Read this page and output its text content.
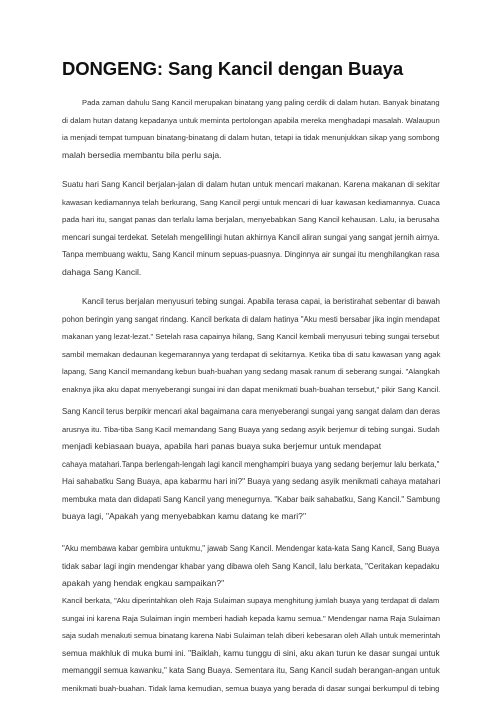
DONGENG: Sang Kancil dengan Buaya
Pada zaman dahulu Sang Kancil merupakan binatang yang paling cerdik di dalam hutan. Banyak binatang
di dalam hutan datang kepadanya untuk meminta pertolongan apabila mereka menghadapi masalah. Walaupun
ia menjadi tempat tumpuan binatang-binatang di dalam hutan, tetapi ia tidak menunjukkan sikap yang sombong
malah bersedia membantu bila perlu saja.
Suatu hari Sang Kancil berjalan-jalan di dalam hutan untuk mencari makanan. Karena makanan di sekitar
kawasan kediamannya telah berkurang, Sang Kancil pergi untuk mencari di luar kawasan kediamannya. Cuaca
pada hari itu, sangat panas dan terlalu lama berjalan, menyebabkan Sang Kancil kehausan. Lalu, ia berusaha
mencari sungai terdekat. Setelah mengelilingi hutan akhirnya Kancil aliran sungai yang sangat jernih airnya.
Tanpa membuang waktu, Sang Kancil minum sepuas-puasnya. Dinginnya air sungai itu menghilangkan rasa
dahaga Sang Kancil.
Kancil terus berjalan menyusuri tebing sungai. Apabila terasa capai, ia beristirahat sebentar di bawah
pohon beringin yang sangat rindang. Kancil berkata di dalam hatinya "Aku mesti bersabar jika ingin mendapat
makanan yang lezat-lezat." Setelah rasa capainya hilang, Sang Kancil kembali menyusuri tebing sungai tersebut
sambil memakan dedaunan kegemarannya yang terdapat di sekitarnya. Ketika tiba di satu kawasan yang agak
lapang, Sang Kancil memandang kebun buah-buahan yang sedang masak ranum di seberang sungai. "Alangkah
enaknya jika aku dapat menyeberangi sungai ini dan dapat menikmati buah-buahan tersebut," pikir Sang Kancil.
Sang Kancil terus berpikir mencari akal bagaimana cara menyeberangi sungai yang sangat dalam dan deras
arusnya itu. Tiba-tiba Sang Kacil memandang Sang Buaya yang sedang asyik berjemur di tebing sungai. Sudah
menjadi kebiasaan buaya, apabila hari panas buaya suka berjemur untuk mendapat
cahaya matahari.Tanpa berlengah-lengah lagi kancil menghampiri buaya yang sedang berjemur lalu berkata,"
Hai sahabatku Sang Buaya, apa kabarmu hari ini?" Buaya yang sedang asyik menikmati cahaya matahari
membuka mata dan didapati Sang Kancil yang menegurnya. "Kabar baik sahabatku, Sang Kancil." Sambung
buaya lagi, "Apakah yang menyebabkan kamu datang ke mari?"
"Aku membawa kabar gembira untukmu," jawab Sang Kancil. Mendengar kata-kata Sang Kancil, Sang Buaya
tidak sabar lagi ingin mendengar khabar yang dibawa oleh Sang Kancil, lalu berkata, "Ceritakan kepadaku
apakah yang hendak engkau sampaikan?"
Kancil berkata, "Aku diperintahkan oleh Raja Sulaiman supaya menghitung jumlah buaya yang terdapat di dalam
sungai ini karena Raja Sulaiman ingin memberi hadiah kepada kamu semua." Mendengar nama Raja Sulaiman
saja sudah menakuti semua binatang karena Nabi Sulaiman telah diberi kebesaran oleh Allah untuk memerintah
semua makhluk di muka bumi ini. "Baiklah, kamu tunggu di sini, aku akan turun ke dasar sungai untuk
memanggil semua kawanku," kata Sang Buaya. Sementara itu, Sang Kancil sudah berangan-angan untuk
menikmati buah-buahan. Tidak lama kemudian, semua buaya yang berada di dasar sungai berkumpul di tebing
